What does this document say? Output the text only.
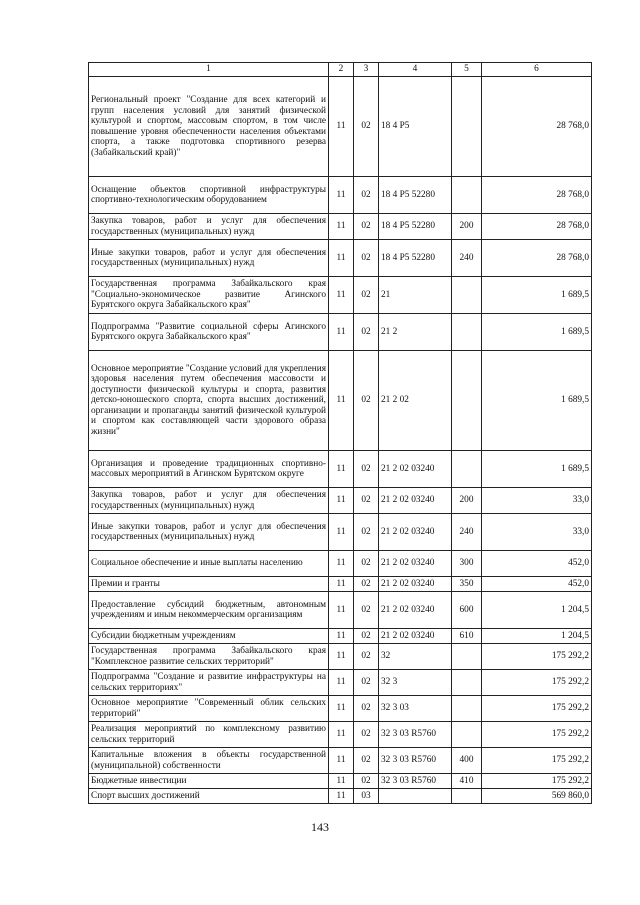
1	2	3	4	5	6
Региональный проект "Создание для всех категорий и групп населения условий для занятий физической культурой и спортом, массовым спортом, в том числе повышение уровня обеспеченности населения объектами спорта, а также подготовка спортивного резерва (Забайкальский край)"	11	02	18 4 P5		28 768,0
Оснащение объектов спортивной инфраструктуры спортивно-технологическим оборудованием	11	02	18 4 P5 52280		28 768,0
Закупка товаров, работ и услуг для обеспечения государственных (муниципальных) нужд	11	02	18 4 P5 52280	200	28 768,0
Иные закупки товаров, работ и услуг для обеспечения государственных (муниципальных) нужд	11	02	18 4 P5 52280	240	28 768,0
Государственная программа Забайкальского края "Социально-экономическое развитие Агинского Бурятского округа Забайкальского края"	11	02	21		1 689,5
Подпрограмма "Развитие социальной сферы Агинского Бурятского округа Забайкальского края"	11	02	21 2		1 689,5
Основное мероприятие "Создание условий для укрепления здоровья населения путем обеспечения массовости и доступности физической культуры и спорта, развития детско-юношеского спорта, спорта высших достижений, организации и пропаганды занятий физической культурой и спортом как составляющей части здорового образа жизни"	11	02	21 2 02		1 689,5
Организация и проведение традиционных спортивно-массовых мероприятий в Агинском Бурятском округе	11	02	21 2 02 03240		1 689,5
Закупка товаров, работ и услуг для обеспечения государственных (муниципальных) нужд	11	02	21 2 02 03240	200	33,0
Иные закупки товаров, работ и услуг для обеспечения государственных (муниципальных) нужд	11	02	21 2 02 03240	240	33,0
Социальное обеспечение и иные выплаты населению	11	02	21 2 02 03240	300	452,0
Премии и гранты	11	02	21 2 02 03240	350	452,0
Предоставление субсидий бюджетным, автономным учреждениям и иным некоммерческим организациям	11	02	21 2 02 03240	600	1 204,5
Субсидии бюджетным учреждениям	11	02	21 2 02 03240	610	1 204,5
Государственная программа Забайкальского края "Комплексное развитие сельских территорий"	11	02	32		175 292,2
Подпрограмма "Создание и развитие инфраструктуры на сельских территориях"	11	02	32 3		175 292,2
Основное мероприятие "Современный облик сельских территорий"	11	02	32 3 03		175 292,2
Реализация мероприятий по комплексному развитию сельских территорий	11	02	32 3 03 R5760		175 292,2
Капитальные вложения в объекты государственной (муниципальной) собственности	11	02	32 3 03 R5760	400	175 292,2
Бюджетные инвестиции	11	02	32 3 03 R5760	410	175 292,2
Спорт высших достижений	11	03			569 860,0
143
